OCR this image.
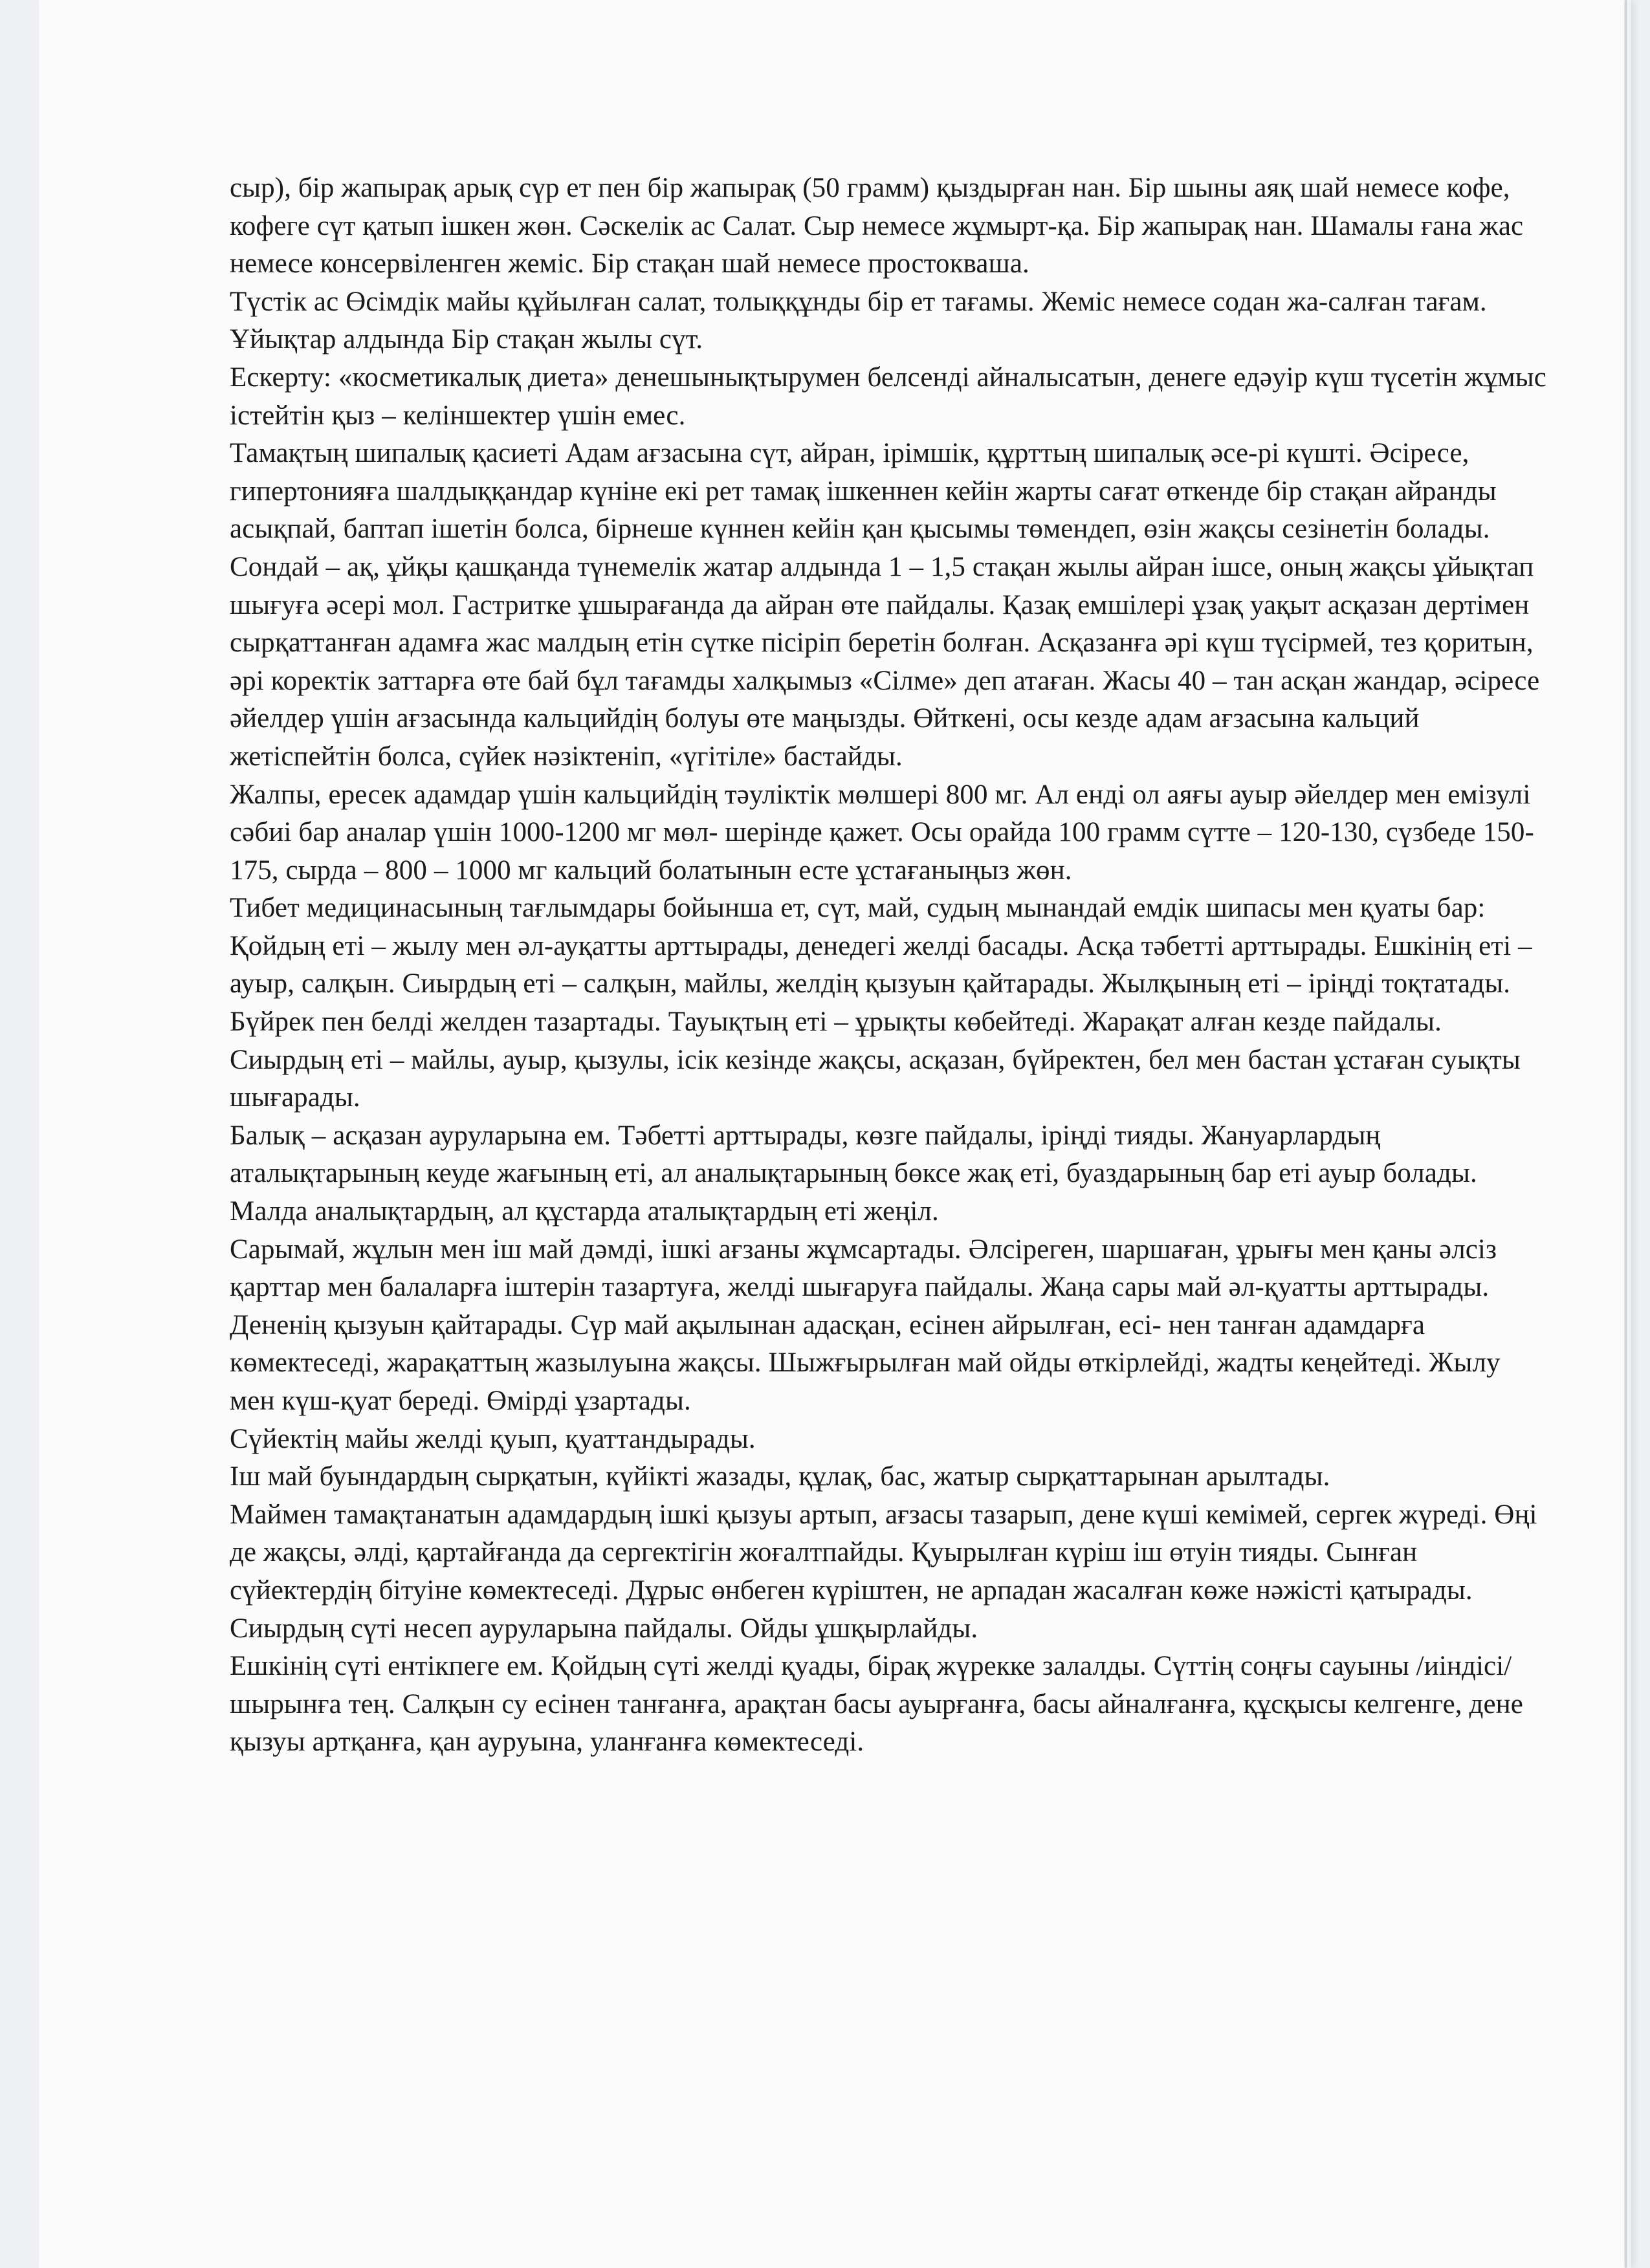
сыр), бір жапырақ арық сүр ет пен бір жапырақ (50 грамм) қыздырған нан. Бір шыны аяқ шай немесе кофе, кофеге сүт қатып ішкен жөн. Сәскелік ас Салат. Сыр немесе жұмырт-қа. Бір жапырақ нан. Шамалы ғана жас немесе консервіленген жеміс. Бір стақан шай немесе простокваша.

Түстік ас Өсімдік майы құйылған салат, толыққұнды бір ет тағамы. Жеміс немесе содан жа-салған тағам. Ұйықтар алдында Бір стақан жылы сүт.

Ескерту: «косметикалық диета» денешынықтырумен белсенді айналысатын, денеге едәуір күш түсетін жұмыс істейтін қыз – келіншектер үшін емес.

Тамақтың шипалық қасиеті Адам ағзасына сүт, айран, ірімшік, құрттың шипалық әсе-рі күшті. Әсіресе, гипертонияға шалдыққандар күніне екі рет тамақ ішкеннен кейін жарты сағат өткенде бір стақан айранды асықпай, баптап ішетін болса, бірнеше күннен кейін қан қысымы төмендеп, өзін жақсы сезінетін болады.

Сондай – ақ, ұйқы қашқанда түнемелік жатар алдында 1 – 1,5 стақан жылы айран ішсе, оның жақсы ұйықтап шығуға әсері мол. Гастритке ұшырағанда да айран өте пайдалы. Қазақ емшілері ұзақ уақыт асқазан дертімен сырқаттанған адамға жас малдың етін сүтке пісіріп беретін болған. Асқазанға әрі күш түсірмей, тез қоритын, әрі коректік заттарға өте бай бұл тағамды халқымыз «Сілме» деп атаған. Жасы 40 – тан асқан жандар, әсіресе әйелдер үшін ағзасында кальцийдің болуы өте маңызды. Өйткені, осы кезде адам ағзасына кальций жетіспейтін болса, сүйек нәзіктеніп, «үгітіле» бастайды.

Жалпы, ересек адамдар үшін кальцийдің тәуліктік мөлшері 800 мг. Ал енді ол аяғы ауыр әйелдер мен емізулі сәбиі бар аналар үшін 1000-1200 мг мөл- шерінде қажет. Осы орайда 100 грамм сүтте – 120-130, сүзбеде 150-175, сырда – 800 – 1000 мг кальций болатынын есте ұстағаныңыз жөн.

Тибет медицинасының тағлымдары бойынша ет, сүт, май, судың мынандай емдік шипасы мен қуаты бар:

Қойдың еті – жылу мен әл-ауқатты арттырады, денедегі желді басады. Асқа тәбетті арттырады. Ешкінің еті – ауыр, салқын. Сиырдың еті – салқын, майлы, желдің қызуын қайтарады. Жылқының еті – іріңді тоқтатады. Бүйрек пен белді желден тазартады. Тауықтың еті – ұрықты көбейтеді. Жарақат алған кезде пайдалы. Сиырдың еті – майлы, ауыр, қызулы, ісік кезінде жақсы, асқазан, бүйректен, бел мен бастан ұстаған суықты шығарады.

Балық – асқазан ауруларына ем. Тәбетті арттырады, көзге пайдалы, іріңді тияды. Жануарлардың аталықтарының кеуде жағының еті, ал аналықтарының бөксе жақ еті, буаздарының бар еті ауыр болады. Малда аналықтардың, ал құстарда аталықтардың еті жеңіл.

Сарымай, жұлын мен іш май дәмді, ішкі ағзаны жұмсартады. Әлсіреген, шаршаған, ұрығы мен қаны әлсіз қарттар мен балаларға іштерін тазартуға, желді шығаруға пайдалы. Жаңа сары май әл-қуатты арттырады. Дененің қызуын қайтарады. Сүр май ақылынан адасқан, есінен айрылған, есі- нен танған адамдарға көмектеседі, жарақаттың жазылуына жақсы. Шыжғырылған май ойды өткірлейді, жадты кеңейтеді. Жылу мен күш-қуат береді. Өмірді ұзартады.

Сүйектің майы желді қуып, қуаттандырады.

Іш май буындардың сырқатын, күйікті жазады, құлақ, бас, жатыр сырқаттарынан арылтады.

Маймен тамақтанатын адамдардың ішкі қызуы артып, ағзасы тазарып, дене күші кемімей, сергек жүреді. Өңі де жақсы, әлді, қартайғанда да сергектігін жоғалтпайды. Қуырылған күріш іш өтуін тияды. Сынған сүйектердің бітуіне көмектеседі. Дұрыс өнбеген күріштен, не арпадан жасалған көже нәжісті қатырады. Сиырдың сүті несеп ауруларына пайдалы. Ойды ұшқырлайды.

Ешкінің сүті ентікпеге ем. Қойдың сүті желді қуады, бірақ жүрекке залалды. Сүттің соңғы сауыны /иіндісі/ шырынға тең. Салқын су есінен танғанға, арақтан басы ауырғанға, басы айналғанға, құсқысы келгенге, дене қызуы артқанға, қан ауруына, уланғанға көмектеседі.
